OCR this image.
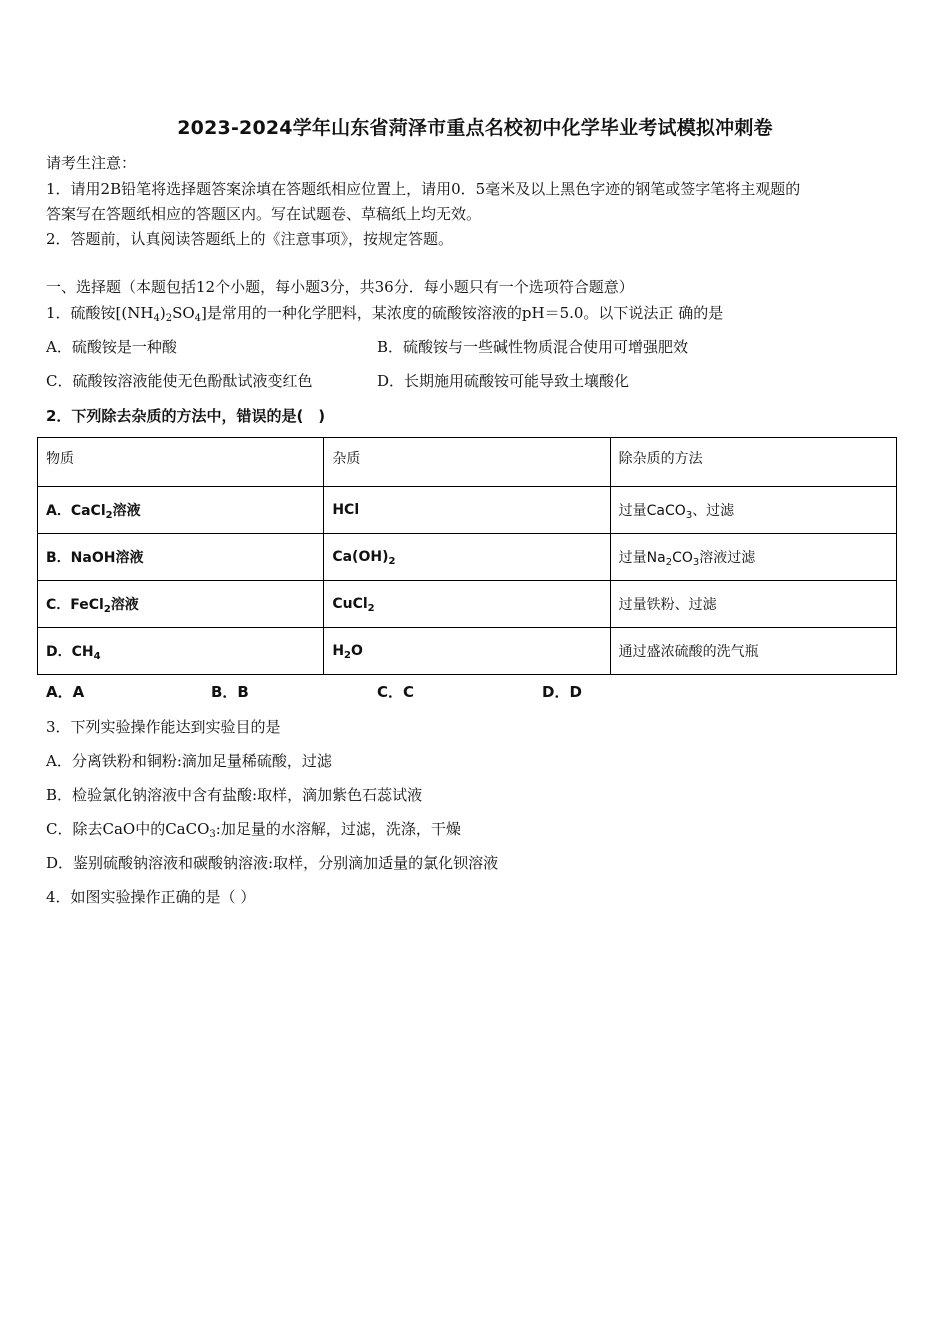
2023-2024学年山东省菏泽市重点名校初中化学毕业考试模拟冲刺卷
请考生注意：
1．请用2B铅笔将选择题答案涂填在答题纸相应位置上，请用0．5毫米及以上黑色字迹的钢笔或签字笔将主观题的
答案写在答题纸相应的答题区内。写在试题卷、草稿纸上均无效。
2．答题前，认真阅读答题纸上的《注意事项》，按规定答题。
一、选择题（本题包括12个小题，每小题3分，共36分．每小题只有一个选项符合题意）
1．硫酸铵$[(NH_4)_2SO_4]$是常用的一种化学肥料，某浓度的硫酸铵溶液的pH＝5.0。以下说法正 确的是
A．硫酸铵是一种酸	B．硫酸铵与一些碱性物质混合使用可增强肥效
C．硫酸铵溶液能使无色酚酞试液变红色	D．长期施用硫酸铵可能导致土壤酸化
2．下列除去杂质的方法中，错误的是(　)
物质	杂质	除杂质的方法
A．CaCl$_2$溶液	HCl	过量CaCO$_3$、过滤
B．NaOH溶液	$Ca(OH)_2$	过量$Na_2CO_3$溶液过滤
C．FeCl$_2$溶液	CuCl$_2$	过量铁粉、过滤
D．$CH_4$	$H_2O$	通过盛浓硫酸的洗气瓶
A．A	B．B	C．C	D．D
3．下列实验操作能达到实验目的是
A．分离铁粉和铜粉:滴加足量稀硫酸，过滤
B．检验氯化钠溶液中含有盐酸:取样，滴加紫色石蕊试液
C．除去CaO中的CaCO$_3$:加足量的水溶解，过滤，洗涤，干燥
D．鉴别硫酸钠溶液和碳酸钠溶液:取样，分别滴加适量的氯化钡溶液
4．如图实验操作正确的是（ ）
